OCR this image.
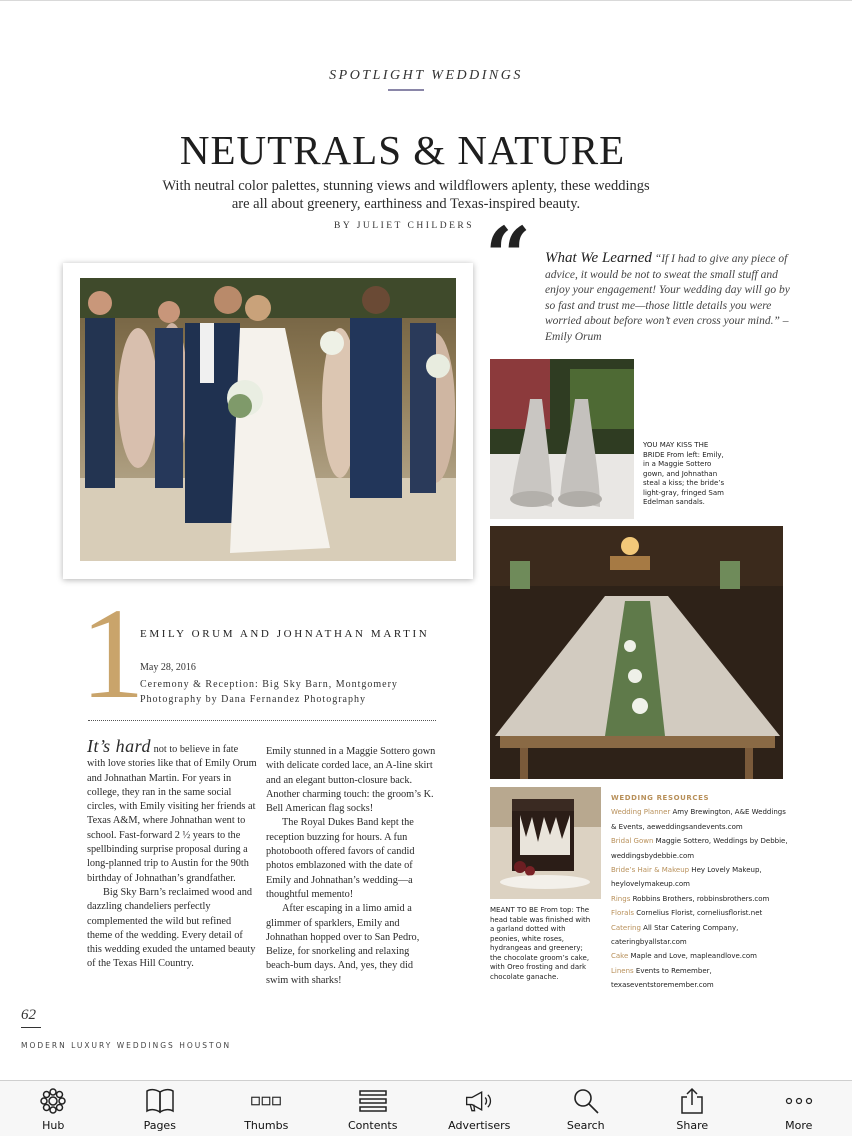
SPOTLIGHT WEDDINGS
NEUTRALS & NATURE
With neutral color palettes, stunning views and wildflowers aplenty, these weddings are all about greenery, earthiness and Texas-inspired beauty.
BY JULIET CHILDERS “ What We Learned “If I had to give any piece of advice, it would be not to sweat the small stuff and enjoy your engagement! Your wedding day will go by so fast and trust me—those little details you were worried about before won’t even cross your mind.” –Emily Orum
YOU MAY KISS THE BRIDE From left: Emily, in a Maggie Sottero gown, and Johnathan steal a kiss; the bride’s light-gray, fringed Sam Edelman sandals.
MEANT TO BE From top: The head table was finished with a garland dotted with peonies, white roses, hydrangeas and greenery; the chocolate groom’s cake, with Oreo frosting and dark chocolate ganache.
WEDDING RESOURCES
Wedding Planner Amy Brewington, A&E Weddings & Events, aeweddingsandevents.com
Bridal Gown Maggie Sottero, Weddings by Debbie, weddingsbydebbie.com
Bride’s Hair & Makeup Hey Lovely Makeup, heylovelymakeup.com
Rings Robbins Brothers, robbinsbrothers.com
Florals Cornelius Florist, corneliusflorist.net
Catering All Star Catering Company, cateringbyallstar.com
Cake Maple and Love, mapleandlove.com
Linens Events to Remember, texaseventstoremember.com
1
EMILY ORUM AND JOHNATHAN MARTIN
May 28, 2016
Ceremony & Reception: Big Sky Barn, Montgomery
Photography by Dana Fernandez Photography

It’s hard not to believe in fate with love stories like that of Emily Orum and Johnathan Martin. For years in college, they ran in the same social circles, with Emily visiting her friends at Texas A&M, where Johnathan went to school. Fast-forward 2 ½ years to the spellbinding surprise proposal during a long-planned trip to Austin for the 90th birthday of Johnathan’s grandfather.

Big Sky Barn’s reclaimed wood and dazzling chandeliers perfectly complemented the wild but refined theme of the wedding. Every detail of this wedding exuded the untamed beauty of the Texas Hill Country.

Emily stunned in a Maggie Sottero gown with delicate corded lace, an A-line skirt and an elegant button-closure back. Another charming touch: the groom’s K. Bell American flag socks!

The Royal Dukes Band kept the reception buzzing for hours. A fun photobooth offered favors of candid photos emblazoned with the date of Emily and Johnathan’s wedding—a thoughtful memento!

After escaping in a limo amid a glimmer of sparklers, Emily and Johnathan hopped over to San Pedro, Belize, for snorkeling and relaxing beach-bum days. And, yes, they did swim with sharks!

62
MODERN LUXURY WEDDINGS HOUSTON
Hub	Pages	Thumbs	Contents	Advertisers	Search	Share	More
